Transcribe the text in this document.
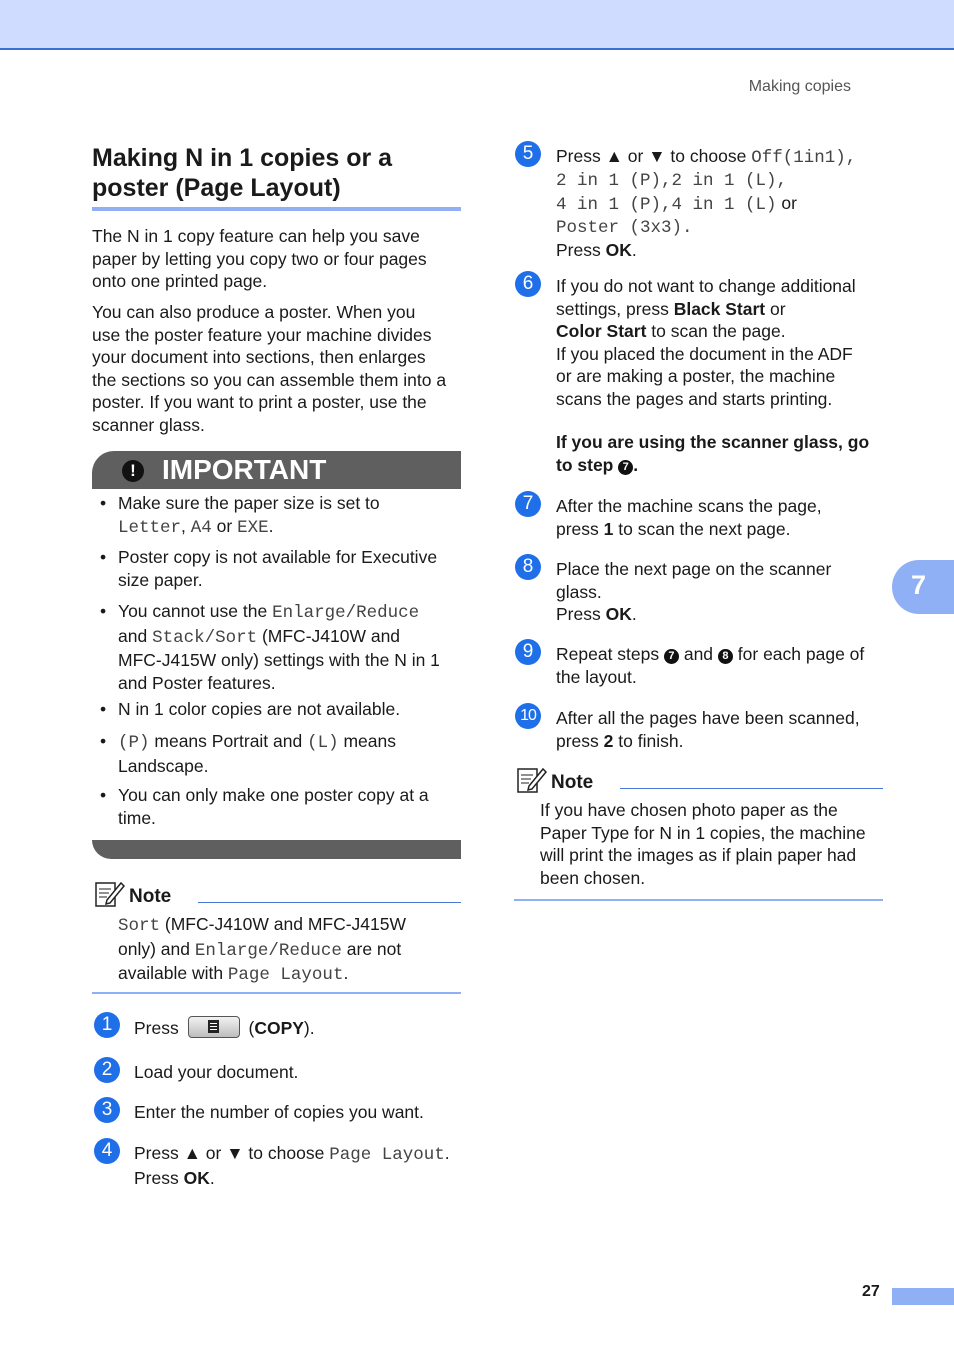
Making copies
Making N in 1 copies or a
poster (Page Layout)
The N in 1 copy feature can help you save
paper by letting you copy two or four pages
onto one printed page.
You can also produce a poster. When you
use the poster feature your machine divides
your document into sections, then enlarges
the sections so you can assemble them into a
poster. If you want to print a poster, use the
scanner glass.
! IMPORTANT
• Make sure the paper size is set to
Letter, A4 or EXE.
• Poster copy is not available for Executive
size paper.
• You cannot use the Enlarge/Reduce
and Stack/Sort (MFC-J410W and
MFC-J415W only) settings with the N in 1
and Poster features.
• N in 1 color copies are not available.
• (P) means Portrait and (L) means
Landscape.
• You can only make one poster copy at a
time.
Note
Sort (MFC-J410W and MFC-J415W
only) and Enlarge/Reduce are not
available with Page Layout.
1	Press	(COPY).
2	Load your document.
3	Enter the number of copies you want.
4	Press ▲ or ▼ to choose Page Layout.
Press OK.
5	Press ▲ or ▼ to choose Off(1in1),
2 in 1 (P),2 in 1 (L),
4 in 1 (P),4 in 1 (L) or
Poster (3x3).
Press OK.
6	If you do not want to change additional
settings, press Black Start or
Color Start to scan the page.
If you placed the document in the ADF
or are making a poster, the machine
scans the pages and starts printing.
If you are using the scanner glass, go
to step 7 .
7	After the machine scans the page,
press 1 to scan the next page.
8	Place the next page on the scanner
glass.
Press OK.
9	Repeat steps 7 and 8 for each page of
the layout.
10 After all the pages have been scanned,
press 2 to finish.
Note
If you have chosen photo paper as the
Paper Type for N in 1 copies, the machine
will print the images as if plain paper had
been chosen.
7
27
